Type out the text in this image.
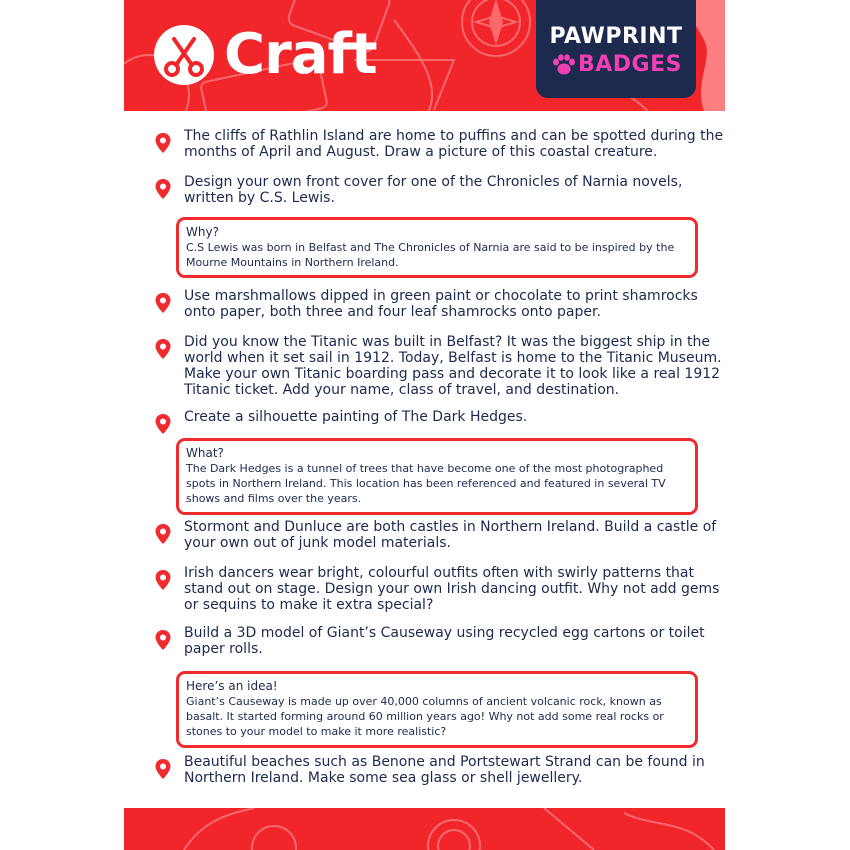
Craft	PAWPRINT
BADGES
The cliffs of Rathlin Island are home to puffins and can be spotted during the months of April and August. Draw a picture of this coastal creature.
Design your own front cover for one of the Chronicles of Narnia novels, written by C.S. Lewis.
Why?
C.S Lewis was born in Belfast and The Chronicles of Narnia are said to be inspired by the Mourne Mountains in Northern Ireland.
Use marshmallows dipped in green paint or chocolate to print shamrocks onto paper, both three and four leaf shamrocks onto paper.
Did you know the Titanic was built in Belfast? It was the biggest ship in the world when it set sail in 1912. Today, Belfast is home to the Titanic Museum. Make your own Titanic boarding pass and decorate it to look like a real 1912 Titanic ticket. Add your name, class of travel, and destination.
Create a silhouette painting of The Dark Hedges.
What?
The Dark Hedges is a tunnel of trees that have become one of the most photographed spots in Northern Ireland. This location has been referenced and featured in several TV shows and films over the years.
Stormont and Dunluce are both castles in Northern Ireland. Build a castle of your own out of junk model materials.
Irish dancers wear bright, colourful outfits often with swirly patterns that stand out on stage. Design your own Irish dancing outfit. Why not add gems or sequins to make it extra special?
Build a 3D model of Giant’s Causeway using recycled egg cartons or toilet paper rolls.
Here’s an idea!
Giant’s Causeway is made up over 40,000 columns of ancient volcanic rock, known as basalt. It started forming around 60 million years ago! Why not add some real rocks or stones to your model to make it more realistic?
Beautiful beaches such as Benone and Portstewart Strand can be found in Northern Ireland. Make some sea glass or shell jewellery.
